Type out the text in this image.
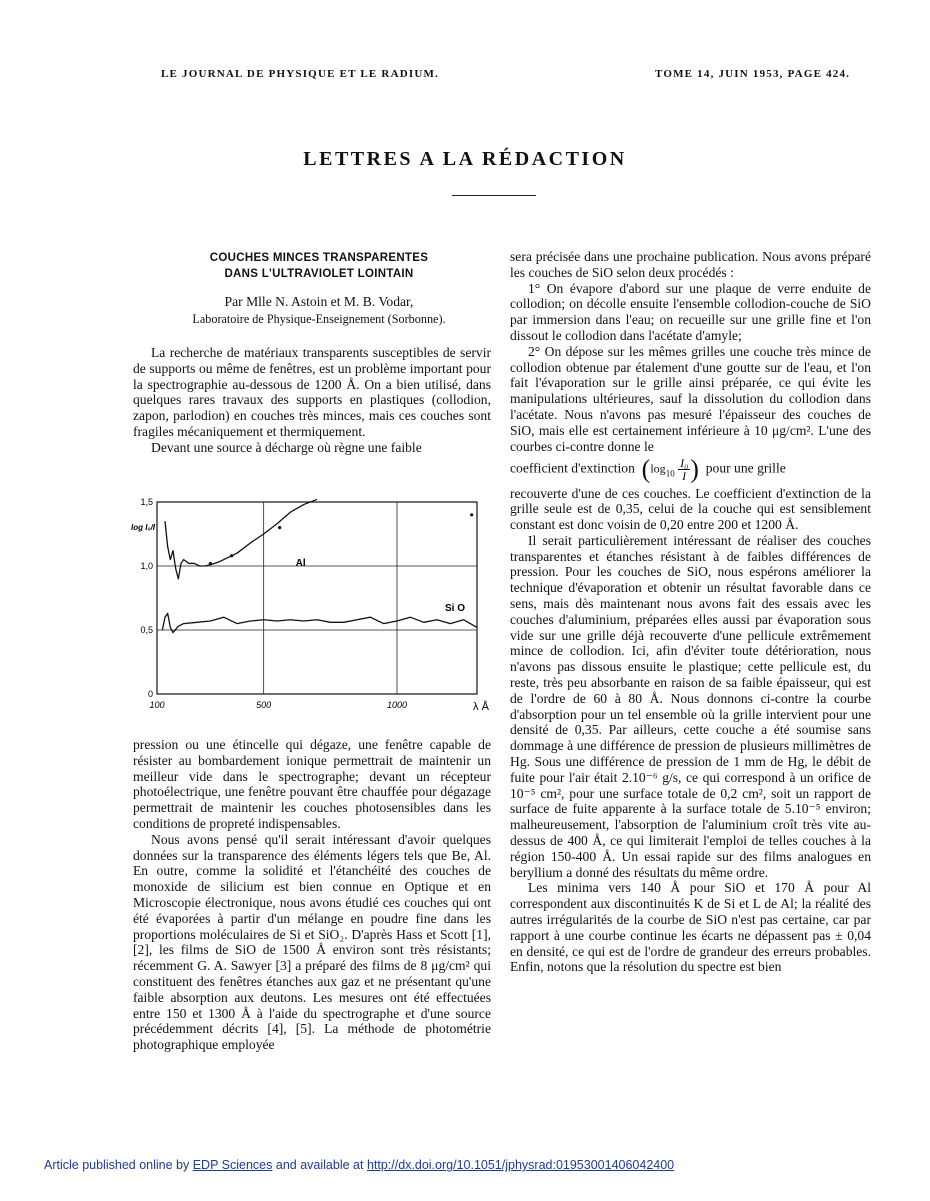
LE JOURNAL DE PHYSIQUE ET LE RADIUM.	TOME 14, JUIN 1953, PAGE 424.
LETTRES A LA RÉDACTION
COUCHES MINCES TRANSPARENTES
DANS L'ULTRAVIOLET LOINTAIN
Par Mlle N. Astoin et M. B. Vodar,
Laboratoire de Physique-Enseignement (Sorbonne).

La recherche de matériaux transparents susceptibles de servir de supports ou même de fenêtres, est un problème important pour la spectrographie au-dessous de 1200 Å. On a bien utilisé, dans quelques rares travaux des supports en plastiques (collodion, zapon, parlodion) en couches très minces, mais ces couches sont fragiles mécaniquement et thermiquement.

Devant une source à décharge où règne une faible

100	500	1000
0
0,5
1,0
1,5
log I₀/I
λ Å
Al
Si O

pression ou une étincelle qui dégaze, une fenêtre capable de résister au bombardement ionique permettrait de maintenir un meilleur vide dans le spectrographe; devant un récepteur photoélectrique, une fenêtre pouvant être chauffée pour dégazage permettrait de maintenir les couches photosensibles dans les conditions de propreté indispensables.

Nous avons pensé qu'il serait intéressant d'avoir quelques données sur la transparence des éléments légers tels que Be, Al. En outre, comme la solidité et l'étanchéité des couches de monoxide de silicium est bien connue en Optique et en Microscopie électronique, nous avons étudié ces couches qui ont été évaporées à partir d'un mélange en poudre fine dans les proportions moléculaires de Si et SiO₂. D'après Hass et Scott [1], [2], les films de SiO de 1500 Å environ sont très résistants; récemment G. A. Sawyer [3] a préparé des films de 8 μg/cm² qui constituent des fenêtres étanches aux gaz et ne présentant qu'une faible absorption aux deutons. Les mesures ont été effectuées entre 150 et 1300 Å à l'aide du spectrographe et d'une source précédemment décrits [4], [5]. La méthode de photométrie photographique employée

sera précisée dans une prochaine publication. Nous avons préparé les couches de SiO selon deux procédés :

1° On évapore d'abord sur une plaque de verre enduite de collodion; on décolle ensuite l'ensemble collodion-couche de SiO par immersion dans l'eau; on recueille sur une grille fine et l'on dissout le collodion dans l'acétate d'amyle;

2° On dépose sur les mêmes grilles une couche très mince de collodion obtenue par étalement d'une goutte sur de l'eau, et l'on fait l'évaporation sur le grille ainsi préparée, ce qui évite les manipulations ultérieures, sauf la dissolution du collodion dans l'acétate. Nous n'avons pas mesuré l'épaisseur des couches de SiO, mais elle est certainement inférieure à 10 μg/cm². L'une des courbes ci-contre donne le

coefficient d'extinction $(\log_{10} \frac{\text{I₀}}{I})$ pour une grille

recouverte d'une de ces couches. Le coefficient d'extinction de la grille seule est de 0,35, celui de la couche qui est sensiblement constant est donc voisin de 0,20 entre 200 et 1200 Å.

Il serait particulièrement intéressant de réaliser des couches transparentes et étanches résistant à de faibles différences de pression. Pour les couches de SiO, nous espérons améliorer la technique d'évaporation et obtenir un résultat favorable dans ce sens, mais dès maintenant nous avons fait des essais avec les couches d'aluminium, préparées elles aussi par évaporation sous vide sur une grille déjà recouverte d'une pellicule extrêmement mince de collodion. Ici, afin d'éviter toute détérioration, nous n'avons pas dissous ensuite le plastique; cette pellicule est, du reste, très peu absorbante en raison de sa faible épaisseur, qui est de l'ordre de 60 à 80 Å. Nous donnons ci-contre la courbe d'absorption pour un tel ensemble où la grille intervient pour une densité de 0,35. Par ailleurs, cette couche a été soumise sans dommage à une différence de pression de plusieurs millimètres de Hg. Sous une différence de pression de 1 mm de Hg, le débit de fuite pour l'air était 2.10⁻⁶ g/s, ce qui correspond à un orifice de 10⁻⁵ cm², pour une surface totale de 0,2 cm², soit un rapport de surface de fuite apparente à la surface totale de 5.10⁻⁵ environ; malheureusement, l'absorption de l'aluminium croît très vite au-dessus de 400 Å, ce qui limiterait l'emploi de telles couches à la région 150-400 Å. Un essai rapide sur des films analogues en beryllium a donné des résultats du même ordre.

Les minima vers 140 Å pour SiO et 170 Å pour Al correspondent aux discontinuités K de Si et L de Al; la réalité des autres irrégularités de la courbe de SiO n'est pas certaine, car par rapport à une courbe continue les écarts ne dépassent pas ± 0,04 en densité, ce qui est de l'ordre de grandeur des erreurs probables. Enfin, notons que la résolution du spectre est bien

Article published online by EDP Sciences and available at http://dx.doi.org/10.1051/jphysrad:01953001406042400
